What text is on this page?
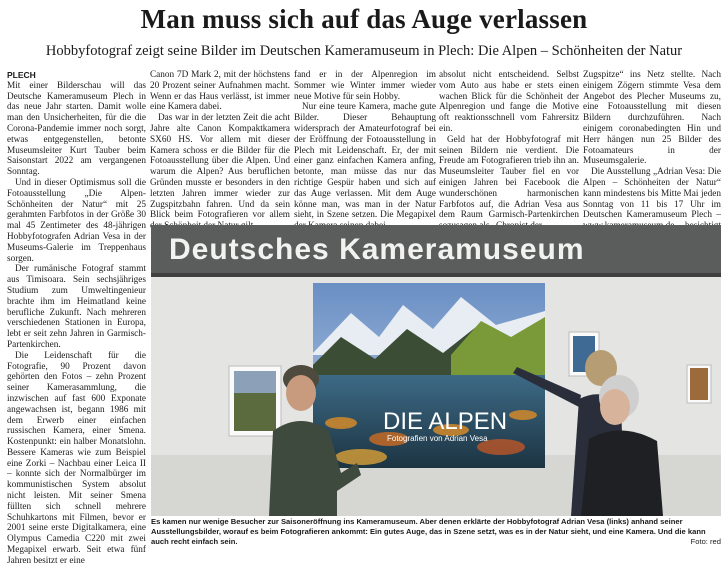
Man muss sich auf das Auge verlassen
Hobbyfotograf zeigt seine Bilder im Deutschen Kameramuseum in Plech: Die Alpen – Schönheiten der Natur

PLECH

Mit einer Bilderschau will das Deutsche Kameramuseum Plech in das neue Jahr starten. Damit wolle man den Unsicherheiten, für die die Corona-Pandemie immer noch sorgt, etwas entgegenstellen, betonte Museumsleiter Kurt Tauber beim Saisonstart 2022 am vergangenen Sonntag.

Und in dieser Optimismus soll die Fotoausstellung „Die Alpen-Schönheiten der Natur“ mit 25 gerahmten Farbfotos in der Größe 30 mal 45 Zentimeter des 48-jährigen Hobbyfotografen Adrian Vesa in der Museums-Galerie im Treppenhaus sorgen.

Der rumänische Fotograf stammt aus Timisoara. Sein sechsjähriges Studium zum Umweltingenieur brachte ihm im Heimatland keine berufliche Zukunft. Nach mehreren verschiedenen Stationen in Europa, lebt er seit zehn Jahren in Garmisch-Partenkirchen.

Die Leidenschaft für die Fotografie, 90 Prozent davon gehörten den Fotos – zehn Prozent seiner Kamerasammlung, die inzwischen auf fast 600 Exponate angewachsen ist, begann 1986 mit dem Erwerb einer einfachen russischen Kamera, einer Smena. Kostenpunkt: ein halber Monatslohn. Bessere Kameras wie zum Beispiel eine Zorki – Nachbau einer Leica II – konnte sich der Normalbürger im kommunistischen System absolut nicht leisten. Mit seiner Smena füllten sich schnell mehrere Schuhkartons mit Filmen, bevor er 2001 seine erste Digitalkamera, eine Olympus Camedia C220 mit zwei Megapixel erwarb. Seit etwa fünf Jahren besitzt er eine

Canon 7D Mark 2, mit der höchstens 20 Prozent seiner Aufnahmen macht. Wenn er das Haus verlässt, ist immer eine Kamera dabei.

Das war in der letzten Zeit die acht Jahre alte Canon Kompaktkamera SX60 HS. Vor allem mit dieser Kamera schoss er die Bilder für die Fotoausstellung über die Alpen. Und warum die Alpen? Aus beruflichen Gründen musste er besonders in den letzten Jahren immer wieder zur Zugspitzbahn fahren. Und da sein Blick beim Fotografieren vor allem

fand er in der Alpenregion im Sommer wie Winter immer wieder neue Motive für sein Hobby.

Nur eine teure Kamera, mache gute Bilder. Dieser Behauptung widersprach der Amateurfotograf bei der Eröffnung der Fotoausstellung in Plech mit Leidenschaft. Er, der mit einer ganz einfachen Kamera anfing, betonte, man müsse das nur das richtige Gespür haben und sich auf das Auge verlassen. Mit dem Auge könne man, was man in der Natur sieht, in Szene setzen. Die Megapixel

absolut nicht entscheidend. Selbst vom Auto aus habe er stets einen wachen Blick für die Schönheit der Alpenregion und fange die Motive oft reaktionsschnell vom Fahrersitz ein.

Geld hat der Hobbyfotograf mit seinen Bildern nie verdient. Die Freude am Fotografieren trieb ihn an. Museumsleiter Tauber fiel en vor einigen Jahren bei Facebook die wunderschönen harmonischen Farbfotos auf, die Adrian Vesa aus dem Raum Garmisch-Partenkirchen

Zugspitze“ ins Netz stellte. Nach einigem Zögern stimmte Vesa dem Angebot des Plecher Museums zu, eine Fotoausstellung mit diesen Bildern durchzuführen. Nach einigem coronabedingten Hin und Herr hängen nun 25 Bilder des Fotoamateurs in der Museumsgalerie.

Die Ausstellung „Adrian Vesa: Die Alpen – Schönheiten der Natur“ kann mindestens bis Mitte Mai jeden Sonntag von 11 bis 17 Uhr im Deutschen Kameramuseum Plech –

Deutsches Kameramuseum
DIE ALPEN
Fotografien von Adrian Vesa
Es kamen nur wenige Besucher zur Saisoneröffnung ins Kameramuseum. Aber denen erklärte der Hobbyfotograf Adrian Vesa (links) anhand seiner Ausstellungsbilder, worauf es beim Fotografieren ankommt: Ein gutes Auge, das in Szene setzt, was es in der Natur sieht, und eine Kamera. Und die kann auch recht einfach sein.	Foto: red
